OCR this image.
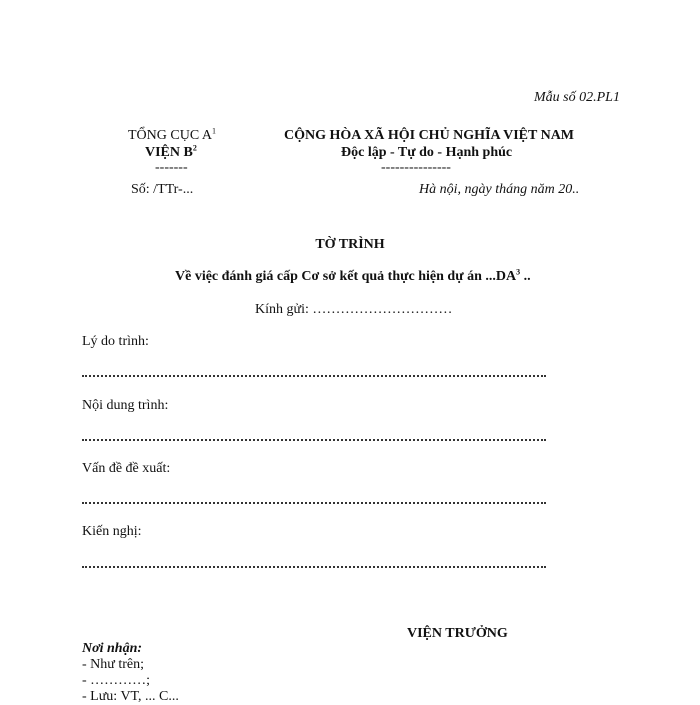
Mẫu số 02.PL1
TỔNG CỤC $A^1$
VIỆN $B^2$
-------
Số: /TTr-...
CỘNG HÒA XÃ HỘI CHỦ NGHĨA VIỆT NAM
Độc lập - Tự do - Hạnh phúc
---------------
Hà nội, ngày tháng năm 20..
TỜ TRÌNH
Về việc đánh giá cấp Cơ sở kết quả thực hiện dự án $...DA^3$ ..
Kính gửi: …………………………
Lý do trình:
Nội dung trình:
Vấn đề đề xuất:
Kiến nghị:
VIỆN TRƯỞNG
Nơi nhận:
- Như trên;
- …………;
- Lưu: VT, ... C...
